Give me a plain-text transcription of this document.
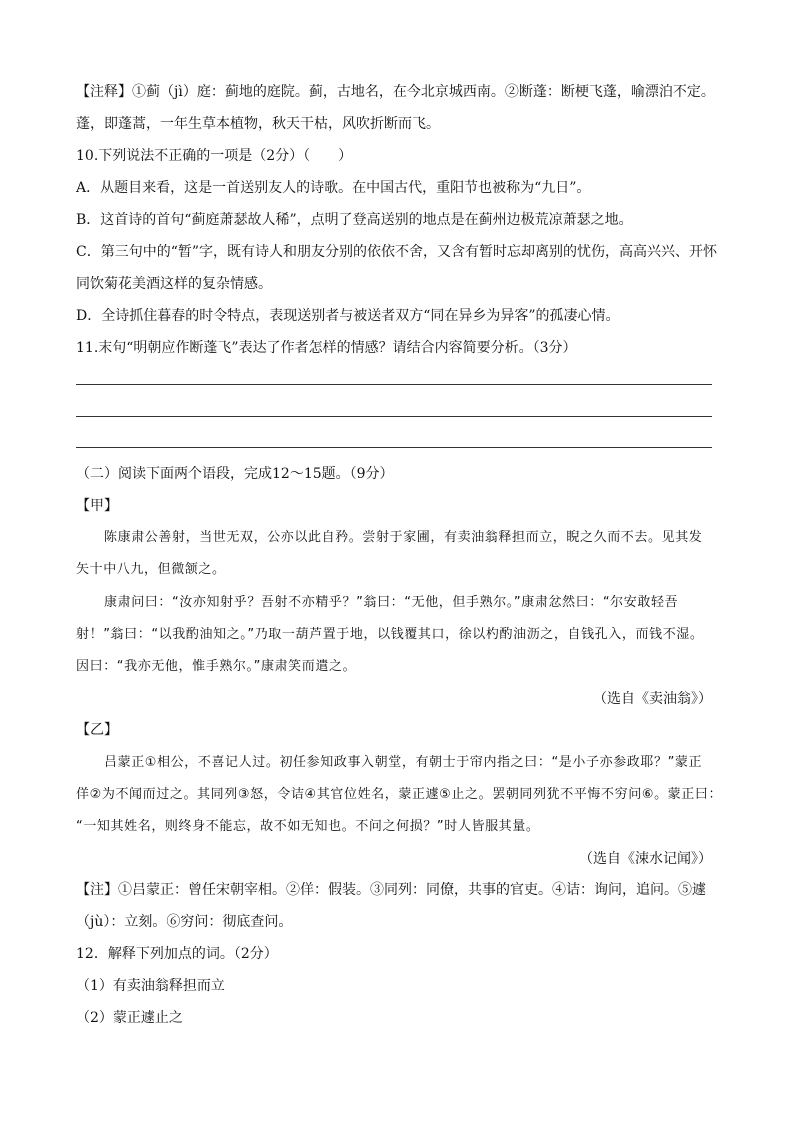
【注释】①蓟（jì）庭：蓟地的庭院。蓟，古地名，在今北京城西南。②断蓬：断梗飞蓬，喻漂泊不定。
蓬，即蓬蒿，一年生草本植物，秋天干枯，风吹折断而飞。
10.下列说法不正确的一项是（2分）（　　）
A．从题目来看，这是一首送别友人的诗歌。在中国古代，重阳节也被称为“九日”。
B．这首诗的首句“蓟庭萧瑟故人稀”，点明了登高送别的地点是在蓟州边极荒凉萧瑟之地。
C．第三句中的“暂”字，既有诗人和朋友分别的依依不舍，又含有暂时忘却离别的忧伤，高高兴兴、开怀
同饮菊花美酒这样的复杂情感。
D．全诗抓住暮春的时令特点，表现送别者与被送者双方“同在异乡为异客”的孤凄心情。
11.末句“明朝应作断蓬飞”表达了作者怎样的情感？请结合内容简要分析。（3分）
（二）阅读下面两个语段，完成12～15题。（9分）
【甲】
陈康肃公善射，当世无双，公亦以此自矜。尝射于家圃，有卖油翁释担而立，睨之久而不去。见其发
矢十中八九，但微颔之。
康肃问曰：“汝亦知射乎？吾射不亦精乎？”翁曰：“无他，但手熟尔。”康肃忿然曰：“尔安敢轻吾
射！”翁曰：“以我酌油知之。”乃取一葫芦置于地，以钱覆其口，徐以杓酌油沥之，自钱孔入，而钱不湿。
因曰：“我亦无他，惟手熟尔。”康肃笑而遣之。
（选自《卖油翁》）
【乙】
吕蒙正①相公，不喜记人过。初任参知政事入朝堂，有朝士于帘内指之曰：“是小子亦参政耶？”蒙正
佯②为不闻而过之。其同列③怒，令诘④其官位姓名，蒙正遽⑤止之。罢朝同列犹不平悔不穷问⑥。蒙正曰：
“一知其姓名，则终身不能忘，故不如无知也。不问之何损？”时人皆服其量。
（选自《涑水记闻》）
【注】①吕蒙正：曾任宋朝宰相。②佯：假装。③同列：同僚，共事的官吏。④诘：询问，追问。⑤遽
（jù）：立刻。⑥穷问：彻底查问。
12．解释下列加点的词。（2分）
（1）有卖油翁释担而立
（2）蒙正遽止之
